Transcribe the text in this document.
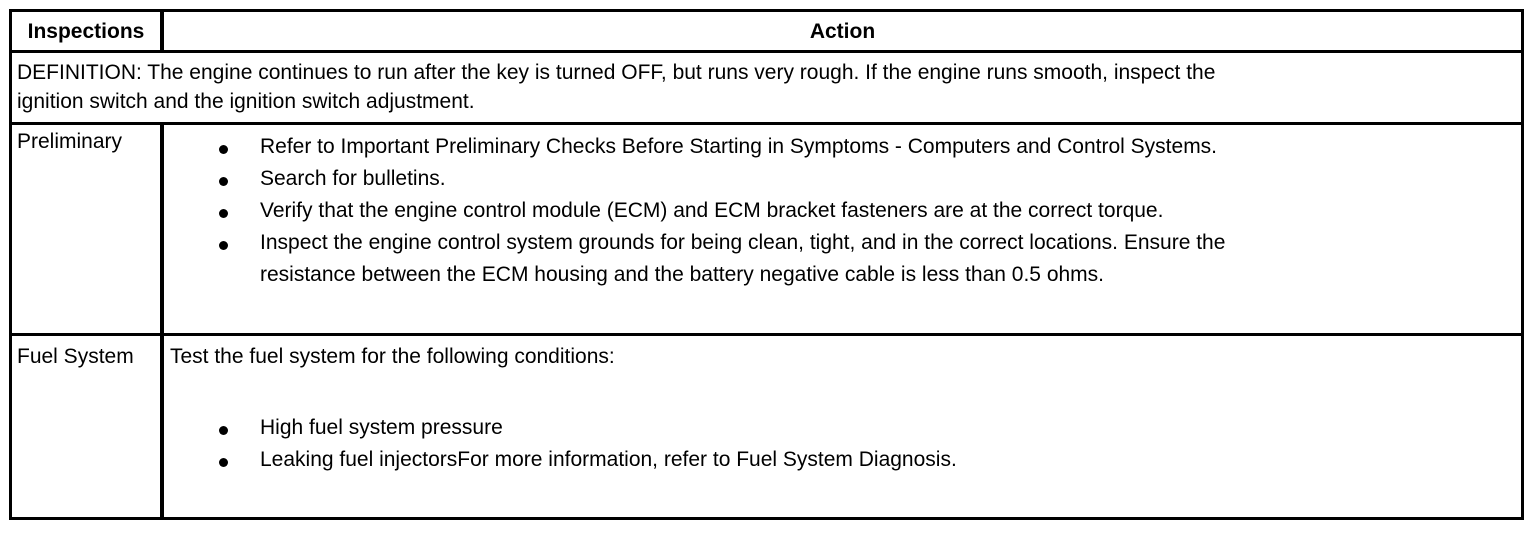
Inspections	Action
DEFINITION: The engine continues to run after the key is turned OFF, but runs very rough. If the engine runs smooth, inspect the
ignition switch and the ignition switch adjustment.
Preliminary	Refer to Important Preliminary Checks Before Starting in Symptoms - Computers and Control Systems.
Search for bulletins.
Verify that the engine control module (ECM) and ECM bracket fasteners are at the correct torque.
Inspect the engine control system grounds for being clean, tight, and in the correct locations. Ensure the
resistance between the ECM housing and the battery negative cable is less than 0.5 ohms.
Fuel System Test the fuel system for the following conditions:
High fuel system pressure
Leaking fuel injectorsFor more information, refer to Fuel System Diagnosis.
